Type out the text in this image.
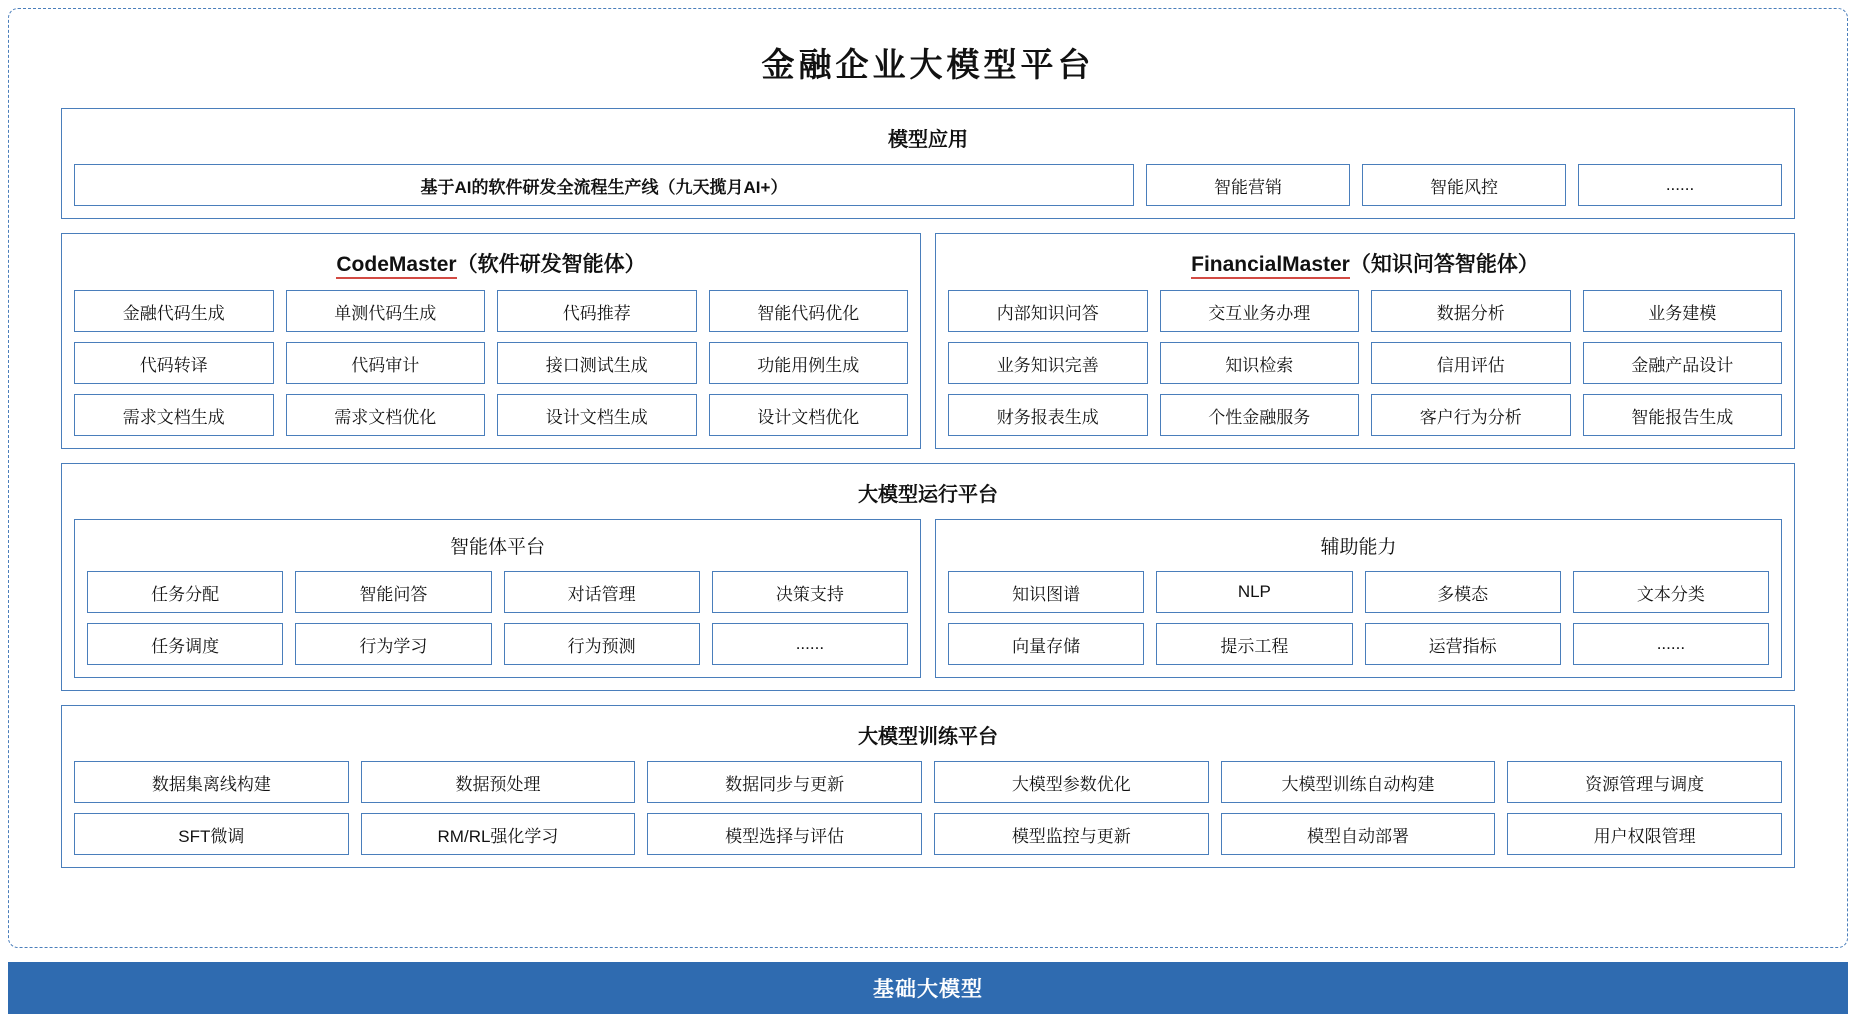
金融企业大模型平台
模型应用
基于AI的软件研发全流程生产线（九天揽月AI+）	智能营销	智能风控	......
CodeMaster（软件研发智能体）
金融代码生成	单测代码生成	代码推荐	智能代码优化
代码转译	代码审计	接口测试生成	功能用例生成
需求文档生成	需求文档优化	设计文档生成	设计文档优化
FinancialMaster（知识问答智能体）
内部知识问答	交互业务办理	数据分析	业务建模
业务知识完善	知识检索	信用评估	金融产品设计
财务报表生成	个性金融服务	客户行为分析	智能报告生成
大模型运行平台
智能体平台
任务分配	智能问答	对话管理	决策支持
任务调度	行为学习	行为预测	......
辅助能力
知识图谱	NLP	多模态	文本分类
向量存储	提示工程	运营指标	......
大模型训练平台
数据集离线构建	数据预处理	数据同步与更新	大模型参数优化	大模型训练自动构建	资源管理与调度
SFT微调	RM/RL强化学习	模型选择与评估	模型监控与更新	模型自动部署	用户权限管理
基础大模型
